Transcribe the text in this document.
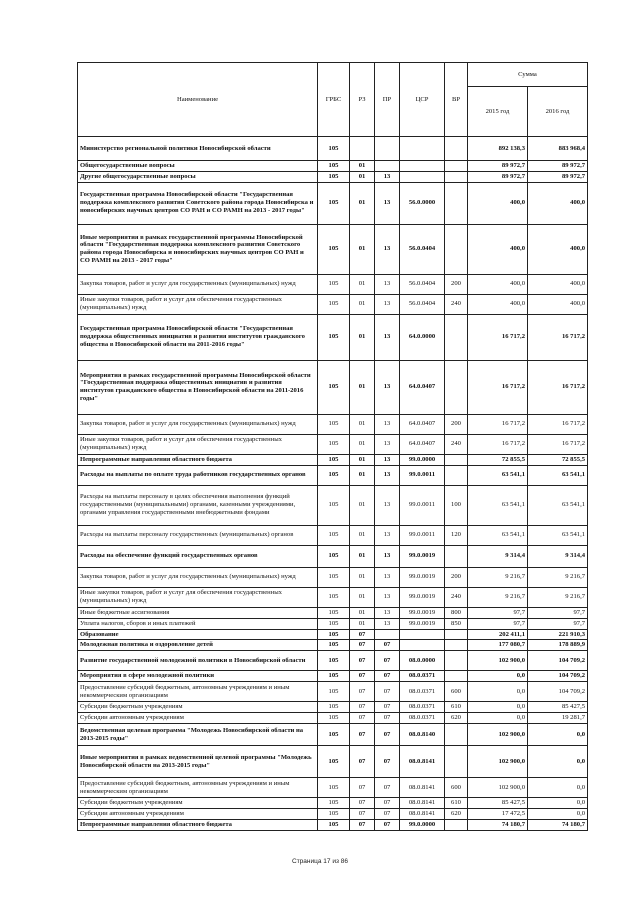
Наименование	ГРБС	РЗ	ПР	ЦСР	ВР	Сумма	
						2015 год	2016 год
Министерство региональной политики Новосибирской области	105					892 138,3	883 968,4
Общегосударственные вопросы	105	01				89 972,7	89 972,7
Другие общегосударственные вопросы	105	01	13			89 972,7	89 972,7
Государственная программа Новосибирской области "Государственная поддержка комплексного развития Советского района города Новосибирска и новосибирских научных центров СО РАН и СО РАМН на 2013 - 2017 годы"	105	01	13	56.0.0000		400,0	400,0
Иные мероприятия в рамках государственной программы Новосибирской области "Государственная поддержка комплексного развития Советского района города Новосибирска и новосибирских научных центров СО РАН и СО РАМН на 2013 - 2017 годы"	105	01	13	56.0.0404		400,0	400,0
Закупка товаров, работ и услуг для государственных (муниципальных) нужд	105	01	13	56.0.0404	200	400,0	400,0
Иные закупки товаров, работ и услуг для обеспечения государственных (муниципальных) нужд	105	01	13	56.0.0404	240	400,0	400,0
Государственная программа Новосибирской области "Государственная поддержка общественных инициатив и развития институтов гражданского общества в Новосибирской области на 2011-2016 годы"	105	01	13	64.0.0000		16 717,2	16 717,2
Мероприятия в рамках государственной программы Новосибирской области "Государственная поддержка общественных инициатив и развития институтов гражданского общества в Новосибирской области на 2011-2016 годы"	105	01	13	64.0.0407		16 717,2	16 717,2
Закупка товаров, работ и услуг для государственных (муниципальных) нужд	105	01	13	64.0.0407	200	16 717,2	16 717,2
Иные закупки товаров, работ и услуг для обеспечения государственных (муниципальных) нужд	105	01	13	64.0.0407	240	16 717,2	16 717,2
Непрограммные направления областного бюджета	105	01	13	99.0.0000		72 855,5	72 855,5
Расходы на выплаты по оплате труда работников государственных органов	105	01	13	99.0.0011		63 541,1	63 541,1
Расходы на выплаты персоналу в целях обеспечения выполнения функций государственными (муниципальными) органами, казенными учреждениями, органами управления государственными внебюджетными фондами	105	01	13	99.0.0011	100	63 541,1	63 541,1
Расходы на выплаты персоналу государственных (муниципальных) органов	105	01	13	99.0.0011	120	63 541,1	63 541,1
Расходы на обеспечение функций государственных органов	105	01	13	99.0.0019		9 314,4	9 314,4
Закупка товаров, работ и услуг для государственных (муниципальных) нужд	105	01	13	99.0.0019	200	9 216,7	9 216,7
Иные закупки товаров, работ и услуг для обеспечения государственных (муниципальных) нужд	105	01	13	99.0.0019	240	9 216,7	9 216,7
Иные бюджетные ассигнования	105	01	13	99.0.0019	800	97,7	97,7
Уплата налогов, сборов и иных платежей	105	01	13	99.0.0019	850	97,7	97,7
Образование	105	07				202 411,1	221 910,3
Молодежная политика и оздоровление детей	105	07	07			177 080,7	178 889,9
Развитие государственной молодежной политики в Новосибирской области	105	07	07	08.0.0000		102 900,0	104 709,2
Мероприятия в сфере молодежной политики	105	07	07	08.0.0371		0,0	104 709,2
Предоставление субсидий бюджетным, автономным учреждениям и иным некоммерческим организациям	105	07	07	08.0.0371	600	0,0	104 709,2
Субсидии бюджетным учреждениям	105	07	07	08.0.0371	610	0,0	85 427,5
Субсидии автономным учреждениям	105	07	07	08.0.0371	620	0,0	19 281,7
Ведомственная целевая программа "Молодежь Новосибирской области на 2013-2015 годы"	105	07	07	08.0.8140		102 900,0	0,0
Иные мероприятия в рамках ведомственной целевой программы "Молодежь Новосибирской области на 2013-2015 годы"	105	07	07	08.0.8141		102 900,0	0,0
Предоставление субсидий бюджетным, автономным учреждениям и иным некоммерческим организациям	105	07	07	08.0.8141	600	102 900,0	0,0
Субсидии бюджетным учреждениям	105	07	07	08.0.8141	610	85 427,5	0,0
Субсидии автономным учреждениям	105	07	07	08.0.8141	620	17 472,5	0,0
Непрограммные направления областного бюджета	105	07	07	99.0.0000		74 180,7	74 180,7
Страница 17 из 86
